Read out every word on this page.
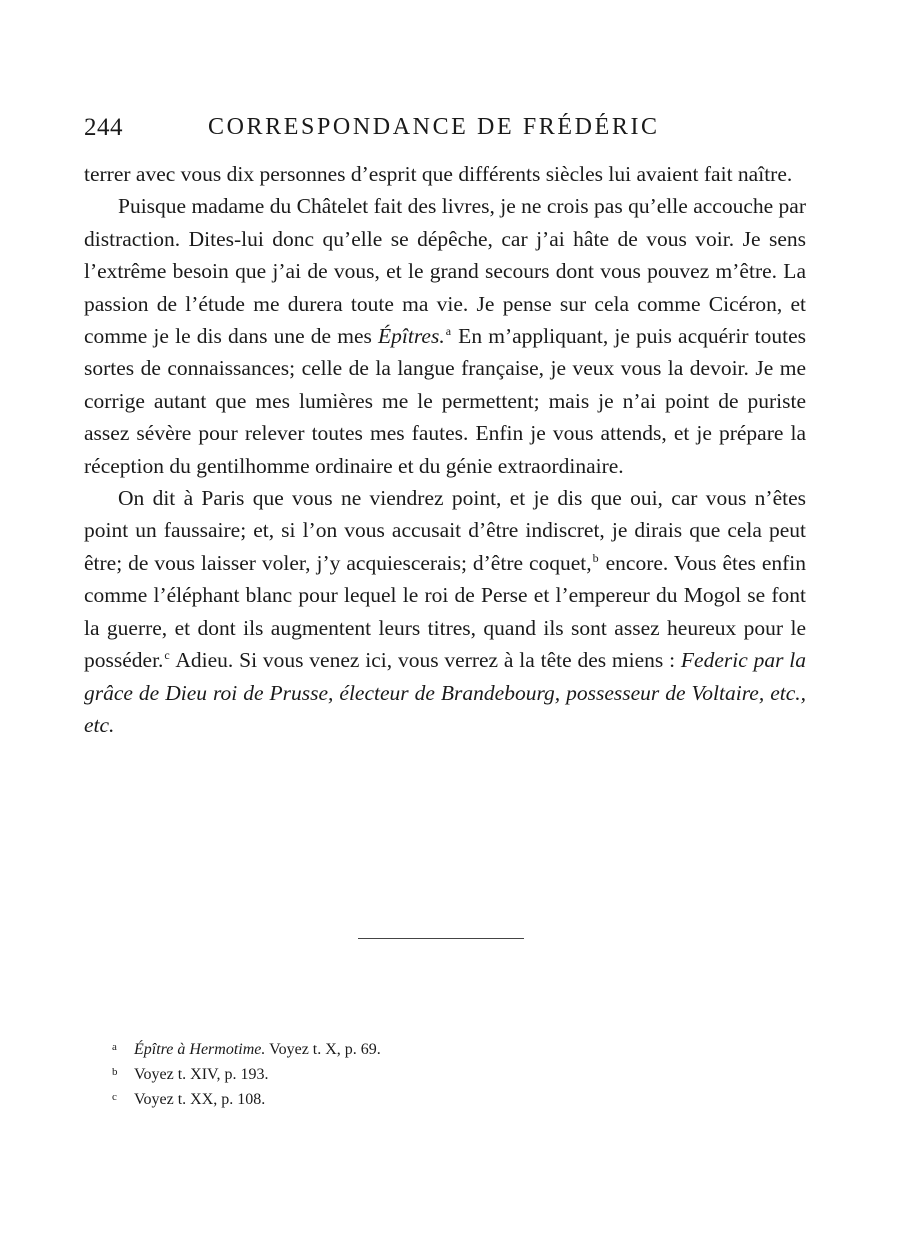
244	CORRESPONDANCE DE FRÉDÉRIC

terrer avec vous dix personnes d’esprit que différents siècles lui avaient fait naître.

Puisque madame du Châtelet fait des livres, je ne crois pas qu’elle accouche par distraction. Dites-lui donc qu’elle se dépêche, car j’ai hâte de vous voir. Je sens l’extrême besoin que j’ai de vous, et le grand secours dont vous pouvez m’être. La passion de l’étude me durera toute ma vie. Je pense sur cela comme Cicéron, et comme je le dis dans une de mes Épîtres.$^a$ En m’appliquant, je puis acquérir toutes sortes de connaissances; celle de la langue française, je veux vous la devoir. Je me corrige autant que mes lumières me le permettent; mais je n’ai point de puriste assez sévère pour relever toutes mes fautes. Enfin je vous attends, et je prépare la réception du gentilhomme ordinaire et du génie extraordinaire.

On dit à Paris que vous ne viendrez point, et je dis que oui, car vous n’êtes point un faussaire; et, si l’on vous accusait d’être indiscret, je dirais que cela peut être; de vous laisser voler, j’y acquiescerais; d’être coquet,$^b$ encore. Vous êtes enfin comme l’éléphant blanc pour lequel le roi de Perse et l’empereur du Mogol se font la guerre, et dont ils augmentent leurs titres, quand ils sont assez heureux pour le posséder.$^c$ Adieu. Si vous venez ici, vous verrez à la tête des miens : Federic par la grâce de Dieu roi de Prusse, électeur de Brandebourg, possesseur de Voltaire, etc., etc.

a Épître à Hermotime. Voyez t. X, p. 69.
b Voyez t. XIV, p. 193.
c Voyez t. XX, p. 108.
